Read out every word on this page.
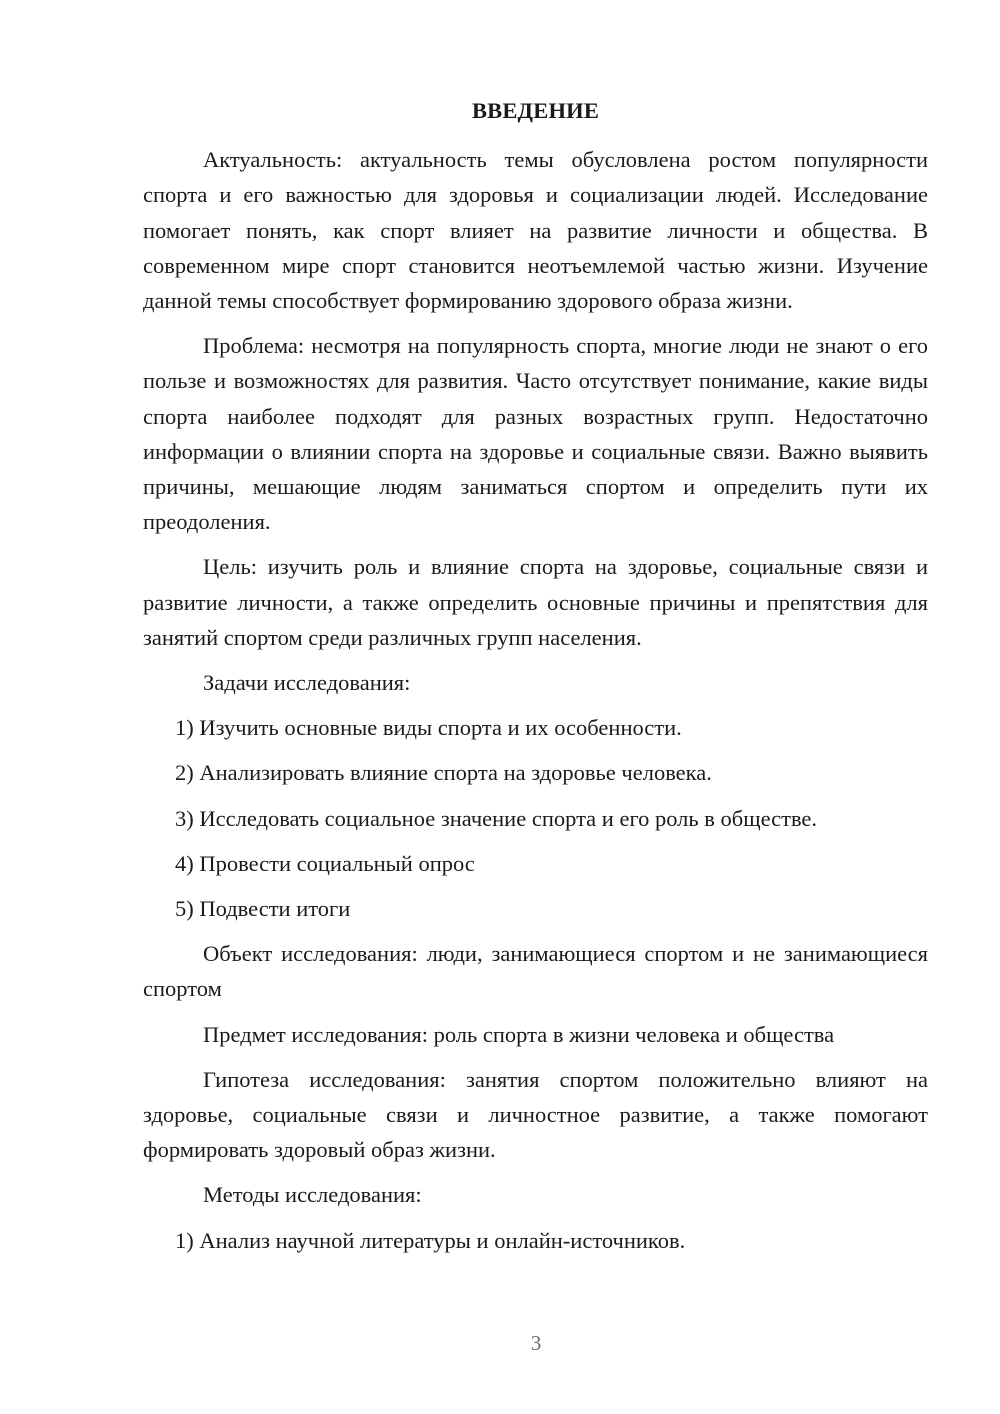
ВВЕДЕНИЕ

Актуальность: актуальность темы обусловлена ростом популярности спорта и его важностью для здоровья и социализации людей. Исследование помогает понять, как спорт влияет на развитие личности и общества. В современном мире спорт становится неотъемлемой частью жизни. Изучение данной темы способствует формированию здорового образа жизни.

Проблема: несмотря на популярность спорта, многие люди не знают о его пользе и возможностях для развития. Часто отсутствует понимание, какие виды спорта наиболее подходят для разных возрастных групп. Недостаточно информации о влиянии спорта на здоровье и социальные связи. Важно выявить причины, мешающие людям заниматься спортом и определить пути их преодоления.

Цель: изучить роль и влияние спорта на здоровье, социальные связи и развитие личности, а также определить основные причины и препятствия для занятий спортом среди различных групп населения.

Задачи исследования:

1) Изучить основные виды спорта и их особенности.

2) Анализировать влияние спорта на здоровье человека.

3) Исследовать социальное значение спорта и его роль в обществе.

4) Провести социальный опрос

5) Подвести итоги

Объект исследования: люди, занимающиеся спортом и не занимающиеся спортом

Предмет исследования: роль спорта в жизни человека и общества

Гипотеза исследования: занятия спортом положительно влияют на здоровье, социальные связи и личностное развитие, а также помогают формировать здоровый образ жизни.

Методы исследования:

1) Анализ научной литературы и онлайн-источников.

3
